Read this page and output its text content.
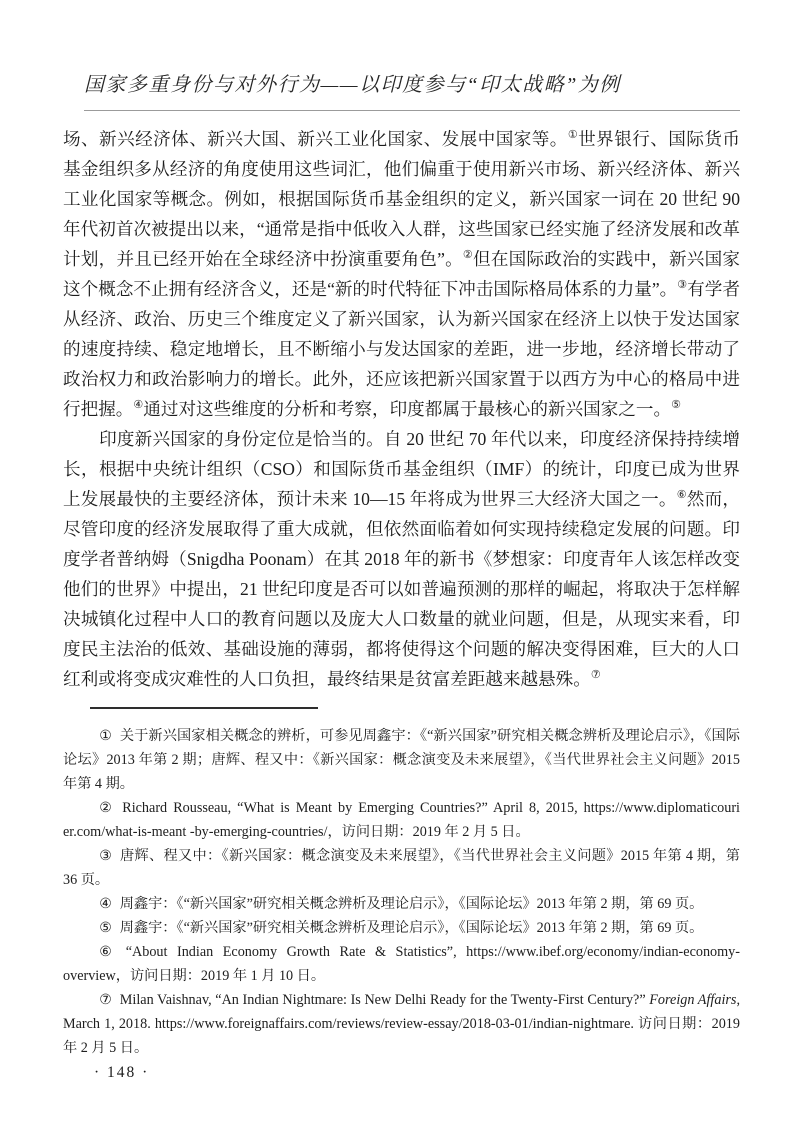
国家多重身份与对外行为——以印度参与“印太战略”为例

场、新兴经济体、新兴大国、新兴工业化国家、发展中国家等。①世界银行、国际货币基金组织多从经济的角度使用这些词汇，他们偏重于使用新兴市场、新兴经济体、新兴工业化国家等概念。例如，根据国际货币基金组织的定义，新兴国家一词在 20 世纪 90 年代初首次被提出以来，“通常是指中低收入人群，这些国家已经实施了经济发展和改革计划，并且已经开始在全球经济中扮演重要角色”。②但在国际政治的实践中，新兴国家这个概念不止拥有经济含义，还是“新的时代特征下冲击国际格局体系的力量”。③有学者从经济、政治、历史三个维度定义了新兴国家，认为新兴国家在经济上以快于发达国家的速度持续、稳定地增长，且不断缩小与发达国家的差距，进一步地，经济增长带动了政治权力和政治影响力的增长。此外，还应该把新兴国家置于以西方为中心的格局中进行把握。④通过对这些维度的分析和考察，印度都属于最核心的新兴国家之一。⑤

印度新兴国家的身份定位是恰当的。自 20 世纪 70 年代以来，印度经济保持持续增长，根据中央统计组织（CSO）和国际货币基金组织（IMF）的统计，印度已成为世界上发展最快的主要经济体，预计未来 10—15 年将成为世界三大经济大国之一。⑥然而，尽管印度的经济发展取得了重大成就，但依然面临着如何实现持续稳定发展的问题。印度学者普纳姆（Snigdha Poonam）在其 2018 年的新书《梦想家：印度青年人该怎样改变他们的世界》中提出，21 世纪印度是否可以如普遍预测的那样的崛起，将取决于怎样解决城镇化过程中人口的教育问题以及庞大人口数量的就业问题，但是，从现实来看，印度民主法治的低效、基础设施的薄弱，都将使得这个问题的解决变得困难，巨大的人口红利或将变成灾难性的人口负担，最终结果是贫富差距越来越悬殊。⑦

① 关于新兴国家相关概念的辨析，可参见周鑫宇：《“新兴国家”研究相关概念辨析及理论启示》，《国际论坛》2013 年第 2 期；唐辉、程又中：《新兴国家：概念演变及未来展望》，《当代世界社会主义问题》2015 年第 4 期。

② Richard Rousseau, “What is Meant by Emerging Countries?” April 8, 2015, https://www.diplomaticouri er.com/what-is-meant -by-emerging-countries/，访问日期：2019 年 2 月 5 日。

③ 唐辉、程又中：《新兴国家：概念演变及未来展望》，《当代世界社会主义问题》2015 年第 4 期，第 36 页。

④ 周鑫宇：《“新兴国家”研究相关概念辨析及理论启示》，《国际论坛》2013 年第 2 期，第 69 页。

⑤ 周鑫宇：《“新兴国家”研究相关概念辨析及理论启示》，《国际论坛》2013 年第 2 期，第 69 页。

⑥ “About Indian Economy Growth Rate & Statistics”, https://www.ibef.org/economy/indian-economy-overview，访问日期：2019 年 1 月 10 日。

⑦ Milan Vaishnav, “An Indian Nightmare: Is New Delhi Ready for the Twenty-First Century?” Foreign Affairs, March 1, 2018. https://www.foreignaffairs.com/reviews/review-essay/2018-03-01/indian-nightmare. 访问日期：2019 年 2 月 5 日。

· 148 ·
